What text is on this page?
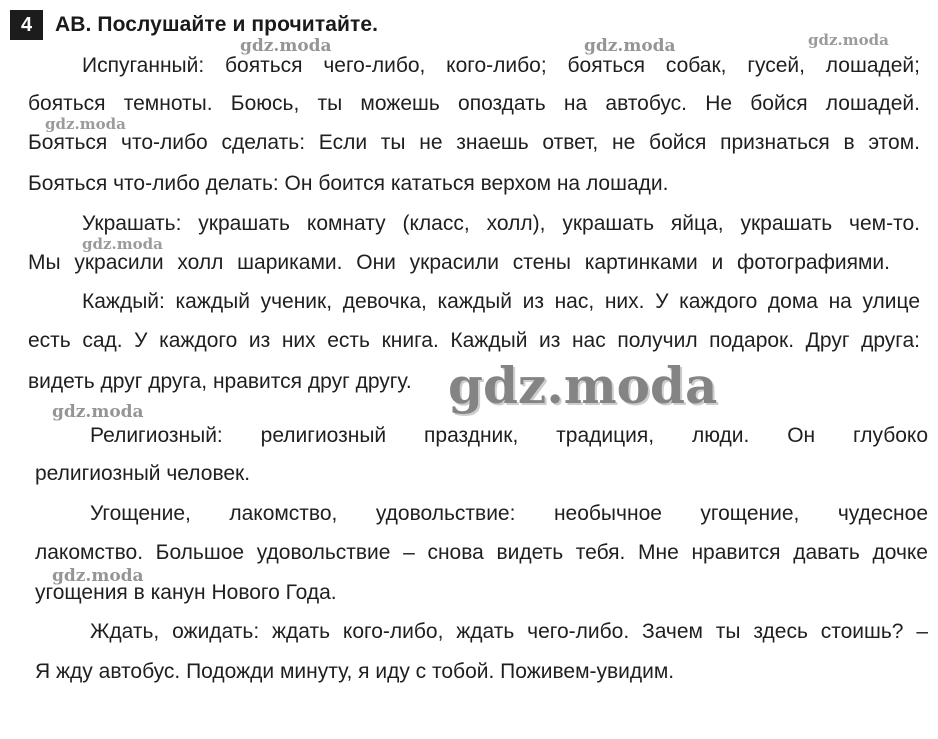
4	АВ. Послушайте и прочитайте.
Испуганный: бояться чего-либо, кого-либо; бояться собак, гусей, лошадей;
бояться темноты. Боюсь, ты можешь опоздать на автобус. Не бойся лошадей.
Бояться что-либо сделать: Если ты не знаешь ответ, не бойся признаться в этом.
Бояться что-либо делать: Он боится кататься верхом на лошади.
Украшать: украшать комнату (класс, холл), украшать яйца, украшать чем-то.
Мы украсили холл шариками. Они украсили стены картинками и фотографиями.
Каждый: каждый ученик, девочка, каждый из нас, них. У каждого дома на улице
есть сад. У каждого из них есть книга. Каждый из нас получил подарок. Друг друга:
видеть друг друга, нравится друг другу.
Религиозный: религиозный праздник, традиция, люди. Он глубоко
религиозный человек.
Угощение, лакомство, удовольствие: необычное угощение, чудесное
лакомство. Большое удовольствие – снова видеть тебя. Мне нравится давать дочке
угощения в канун Нового Года.
Ждать, ожидать: ждать кого-либо, ждать чего-либо. Зачем ты здесь стоишь? –
Я жду автобус. Подожди минуту, я иду с тобой. Поживем-увидим.
gdz.moda	gdz.moda	gdz.moda
gdz.moda
gdz.moda
gdz.moda
gdz.moda
gdz.moda
